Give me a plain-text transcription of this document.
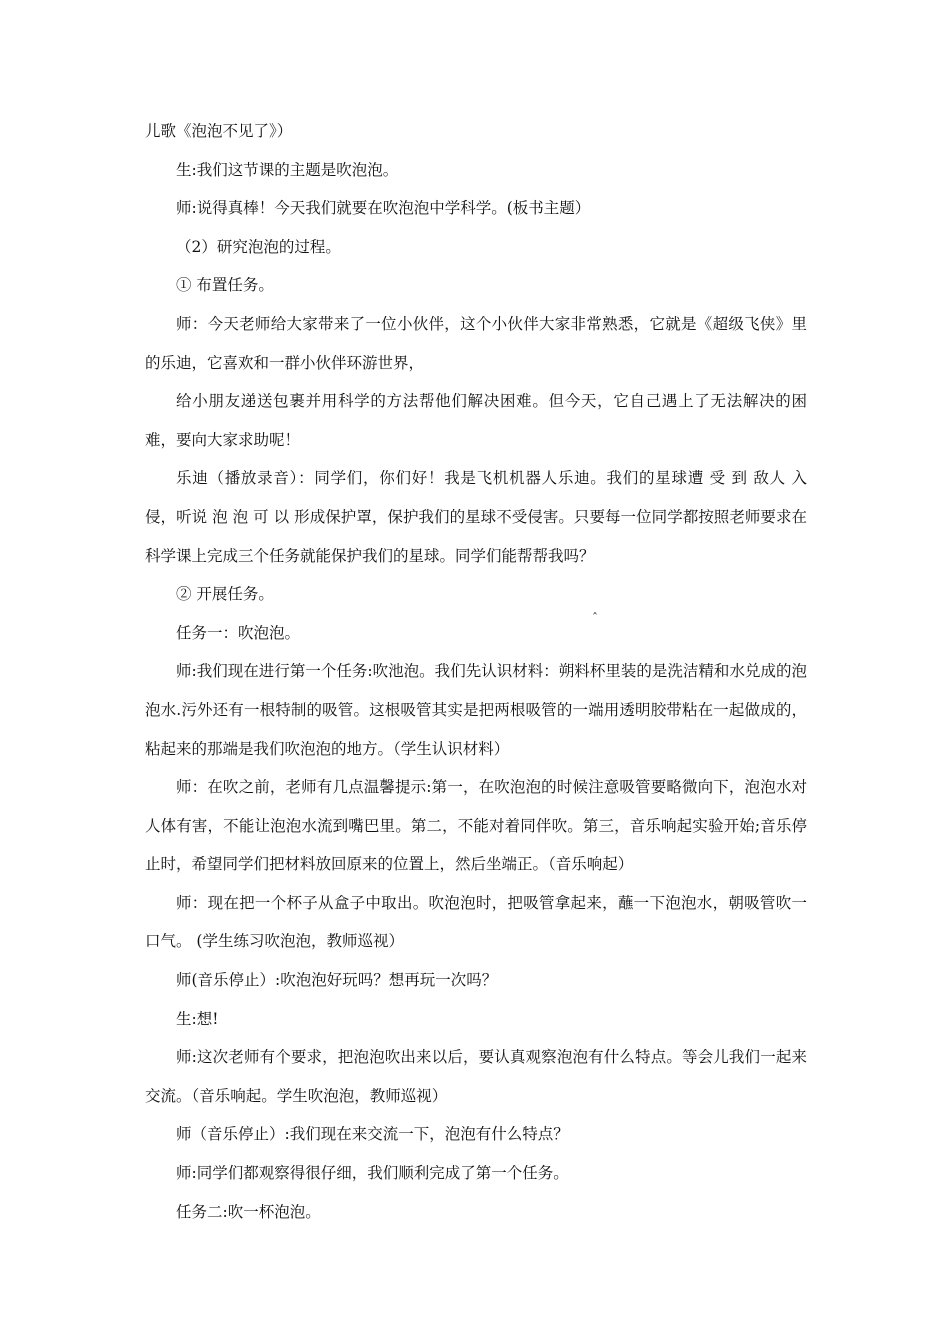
儿歌《泡泡不见了》）

生:我们这节课的主题是吹泡泡。

师:说得真棒！今天我们就要在吹泡泡中学科学。(板书主题）

（2）研究泡泡的过程。

① 布置任务。

师：今天老师给大家带来了一位小伙伴，这个小伙伴大家非常熟悉，它就是《超级飞侠》里的乐迪，它喜欢和一群小伙伴环游世界，

给小朋友递送包裹并用科学的方法帮他们解决困难。但今天，它自己遇上了无法解决的困难，要向大家求助呢！

乐迪（播放录音）：同学们，你们好！我是飞机机器人乐迪。我们的星球遭 受 到 敌人 入侵，听说 泡 泡 可 以 形成保护罩，保护我们的星球不受侵害。只要每一位同学都按照老师要求在科学课上完成三个任务就能保护我们的星球。同学们能帮帮我吗？

② 开展任务。

任务一：吹泡泡。

师:我们现在进行第一个任务:吹池泡。我们先认识材料：朔料杯里装的是洗洁精和水兑成的泡泡水.污外还有一根特制的吸管。这根吸管其实是把两根吸管的一端用透明胶带粘在一起做成的，粘起来的那端是我们吹泡泡的地方。（学生认识材料）

师：在吹之前，老师有几点温馨提示:第一，在吹泡泡的时候注意吸管要略微向下，泡泡水对人体有害，不能让泡泡水流到嘴巴里。第二，不能对着同伴吹。第三，音乐响起实验开始;音乐停止时，希望同学们把材料放回原来的位置上，然后坐端正。（音乐响起）

师：现在把一个杯子从盒子中取出。吹泡泡时，把吸管拿起来，蘸一下泡泡水，朝吸管吹一口气。 (学生练习吹泡泡，教师巡视）

师(音乐停止）:吹泡泡好玩吗？想再玩一次吗？

生:想!

师:这次老师有个要求，把泡泡吹出来以后，要认真观察泡泡有什么特点。等会儿我们一起来交流。（音乐响起。学生吹泡泡，教师巡视）

师（音乐停止）:我们现在来交流一下，泡泡有什么特点？

师:同学们都观察得很仔细，我们顺利完成了第一个任务。

任务二:吹一杯泡泡。

ˆ
